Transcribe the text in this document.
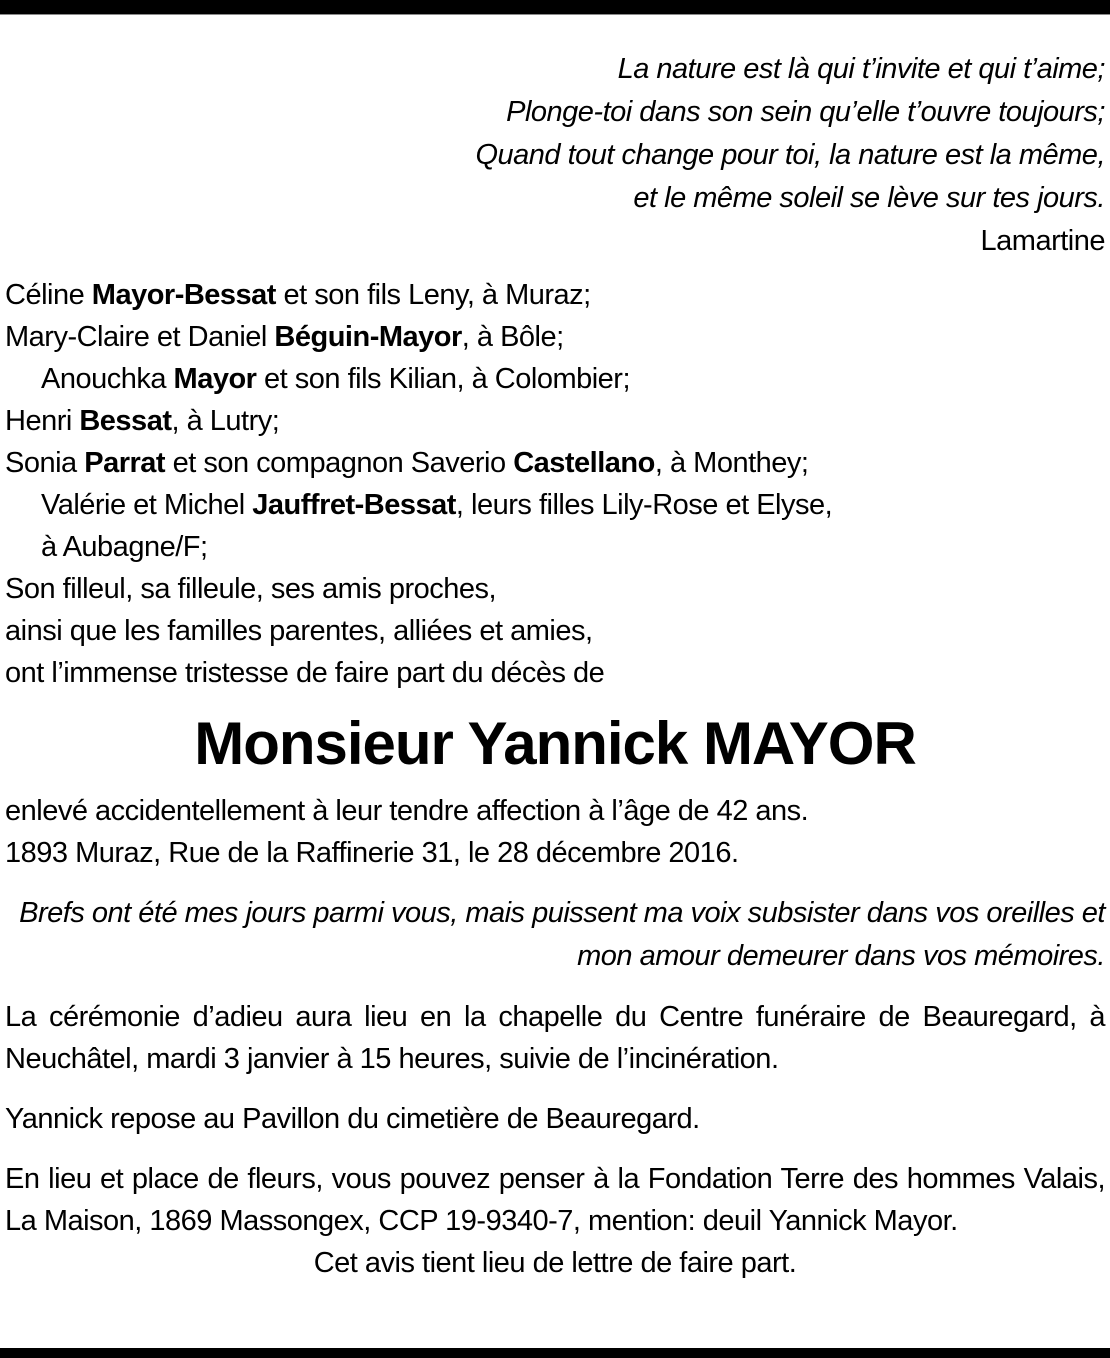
La nature est là qui t’invite et qui t’aime;
Plonge-toi dans son sein qu’elle t’ouvre toujours;
Quand tout change pour toi, la nature est la même,
et le même soleil se lève sur tes jours.
Lamartine
Céline Mayor-Bessat et son fils Leny, à Muraz;
Mary-Claire et Daniel Béguin-Mayor, à Bôle;
Anouchka Mayor et son fils Kilian, à Colombier;
Henri Bessat, à Lutry;
Sonia Parrat et son compagnon Saverio Castellano, à Monthey;
Valérie et Michel Jauffret-Bessat, leurs filles Lily-Rose et Elyse,
à Aubagne/F;
Son filleul, sa filleule, ses amis proches,
ainsi que les familles parentes, alliées et amies,
ont l’immense tristesse de faire part du décès de
Monsieur Yannick MAYOR

enlevé accidentellement à leur tendre affection à l’âge de 42 ans.

1893 Muraz, Rue de la Raffinerie 31, le 28 décembre 2016.

Brefs ont été mes jours parmi vous, mais puissent ma voix subsister dans vos oreilles et mon amour demeurer dans vos mémoires.

La cérémonie d’adieu aura lieu en la chapelle du Centre funéraire de Beauregard, à Neuchâtel, mardi 3 janvier à 15 heures, suivie de l’incinération.

Yannick repose au Pavillon du cimetière de Beauregard.

En lieu et place de fleurs, vous pouvez penser à la Fondation Terre des hommes Valais, La Maison, 1869 Massongex, CCP 19-9340-7, mention: deuil Yannick Mayor.

Cet avis tient lieu de lettre de faire part.
